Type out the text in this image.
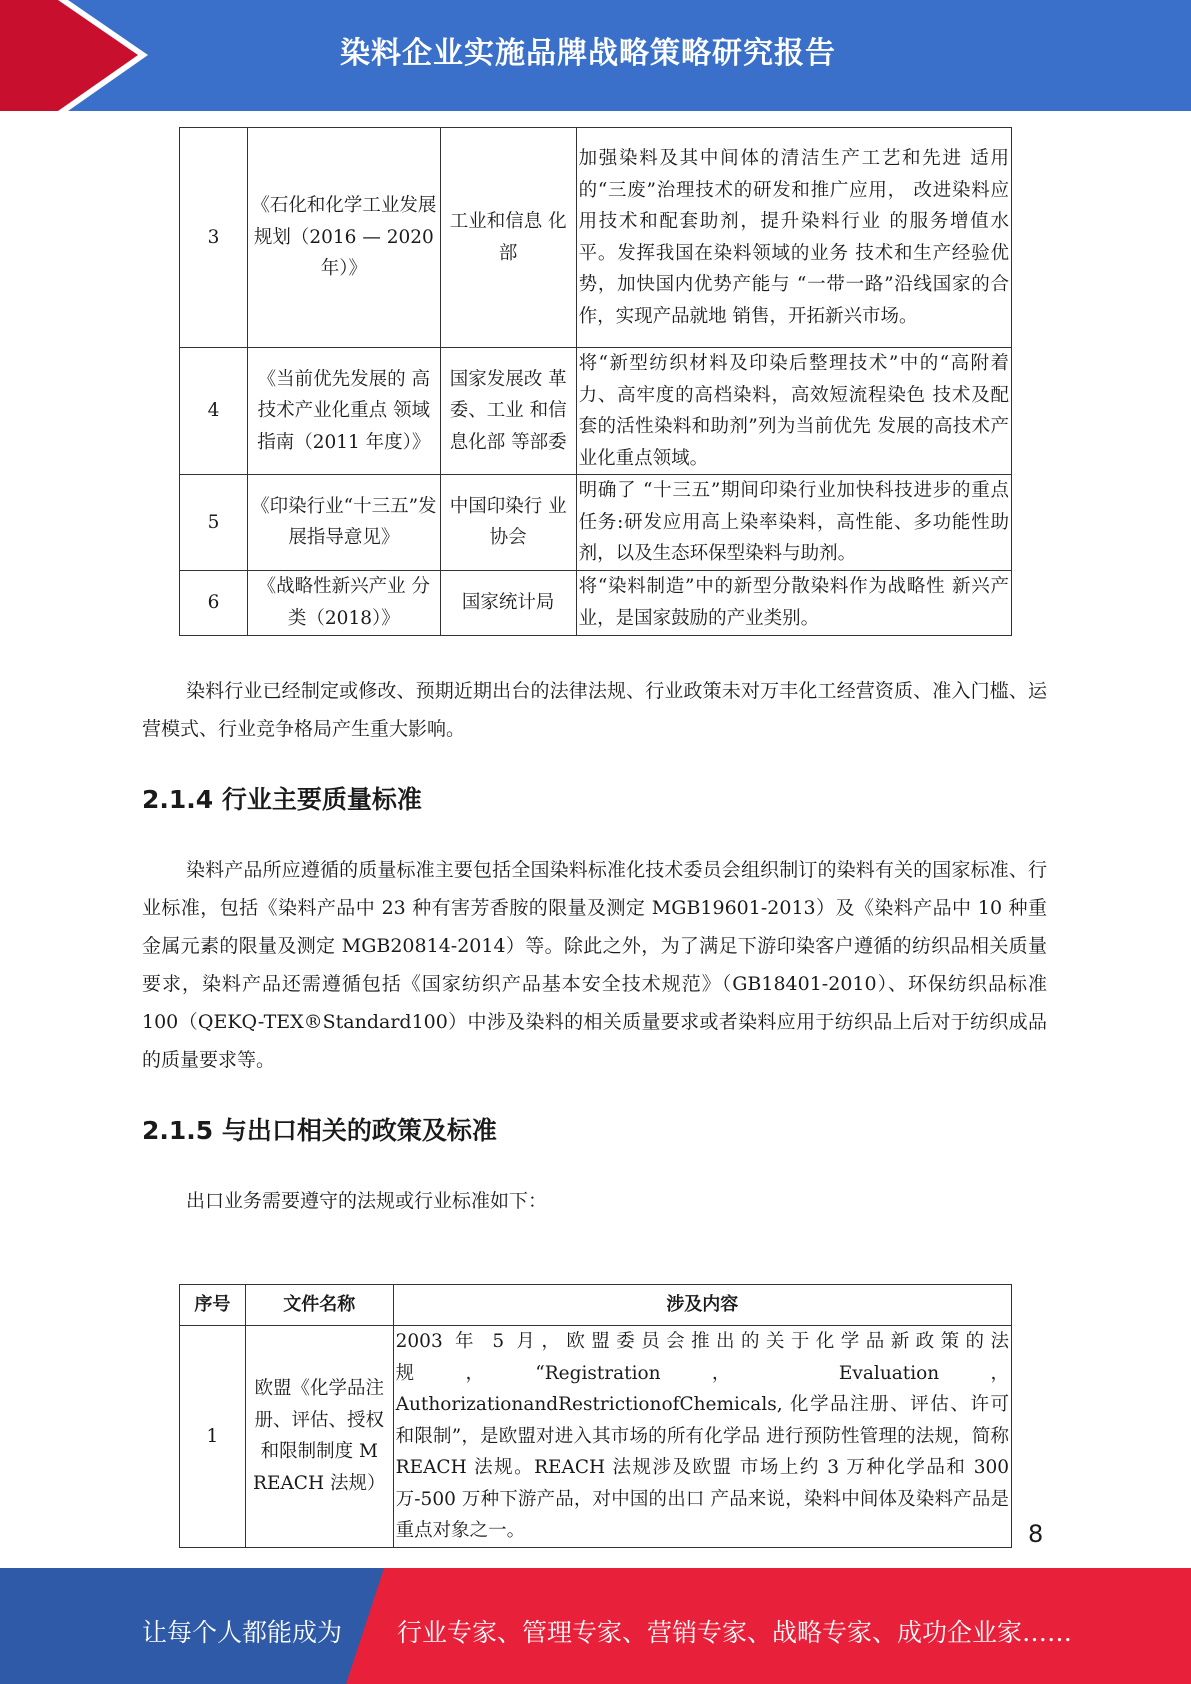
染料企业实施品牌战略策略研究报告
3	《石化和化学工业发展规划（2016 — 2020 年）》	工业和信息 化部	加强染料及其中间体的清洁生产工艺和先进 适用的“三废”治理技术的研发和推广应用， 改进染料应用技术和配套助剂，提升染料行业 的服务增值水平。发挥我国在染料领域的业务 技术和生产经验优势，加快国内优势产能与 “一带一路”沿线国家的合作，实现产品就地 销售，开拓新兴市场。
4	《当前优先发展的 高技术产业化重点 领域指南（2011 年度）》	国家发展改 革委、工业 和信息化部 等部委	将“新型纺织材料及印染后整理技术”中的“高附着力、高牢度的高档染料，高效短流程染色 技术及配套的活性染料和助剂”列为当前优先 发展的高技术产业化重点领域。
5	《印染行业“十三五”发展指导意见》	中国印染行 业协会	明确了 “十三五”期间印染行业加快科技进步的重点任务:研发应用高上染率染料，高性能、多功能性助剂，以及生态环保型染料与助剂。
6	《战略性新兴产业 分类（2018）》	国家统计局	将“染料制造”中的新型分散染料作为战略性 新兴产业，是国家鼓励的产业类别。

染料行业已经制定或修改、预期近期出台的法律法规、行业政策未对万丰化工经营资质、准入门槛、运营模式、行业竞争格局产生重大影响。

2.1.4 行业主要质量标准

染料产品所应遵循的质量标准主要包括全国染料标准化技术委员会组织制订的染料有关的国家标准、行业标准，包括《染料产品中 23 种有害芳香胺的限量及测定 MGB19601-2013）及《染料产品中 10 种重金属元素的限量及测定 MGB20814-2014）等。除此之外，为了满足下游印染客户遵循的纺织品相关质量要求，染料产品还需遵循包括《国家纺织产品基本安全技术规范》（GB18401-2010）、环保纺织品标准 100（QEKQ-TEX®Standard100）中涉及染料的相关质量要求或者染料应用于纺织品上后对于纺织成品的质量要求等。

2.1.5 与出口相关的政策及标准

出口业务需要遵守的法规或行业标准如下：

序号	文件名称	涉及内容
1	欧盟《化学品注册、评估、授权和限制制度 M REACH 法规）	2003 年 5 月，欧盟委员会推出的关于化学品新政策的法规，“Registration， Evaluation， AuthorizationandRestrictionofChemicals, 化学品注册、评估、许可和限制”，是欧盟对进入其市场的所有化学品 进行预防性管理的法规，简称 REACH 法规。REACH 法规涉及欧盟 市场上约 3 万种化学品和 300 万-500 万种下游产品，对中国的出口 产品来说，染料中间体及染料产品是重点对象之一。	8
让每个人都能成为 行业专家、管理专家、营销专家、战略专家、成功企业家……
